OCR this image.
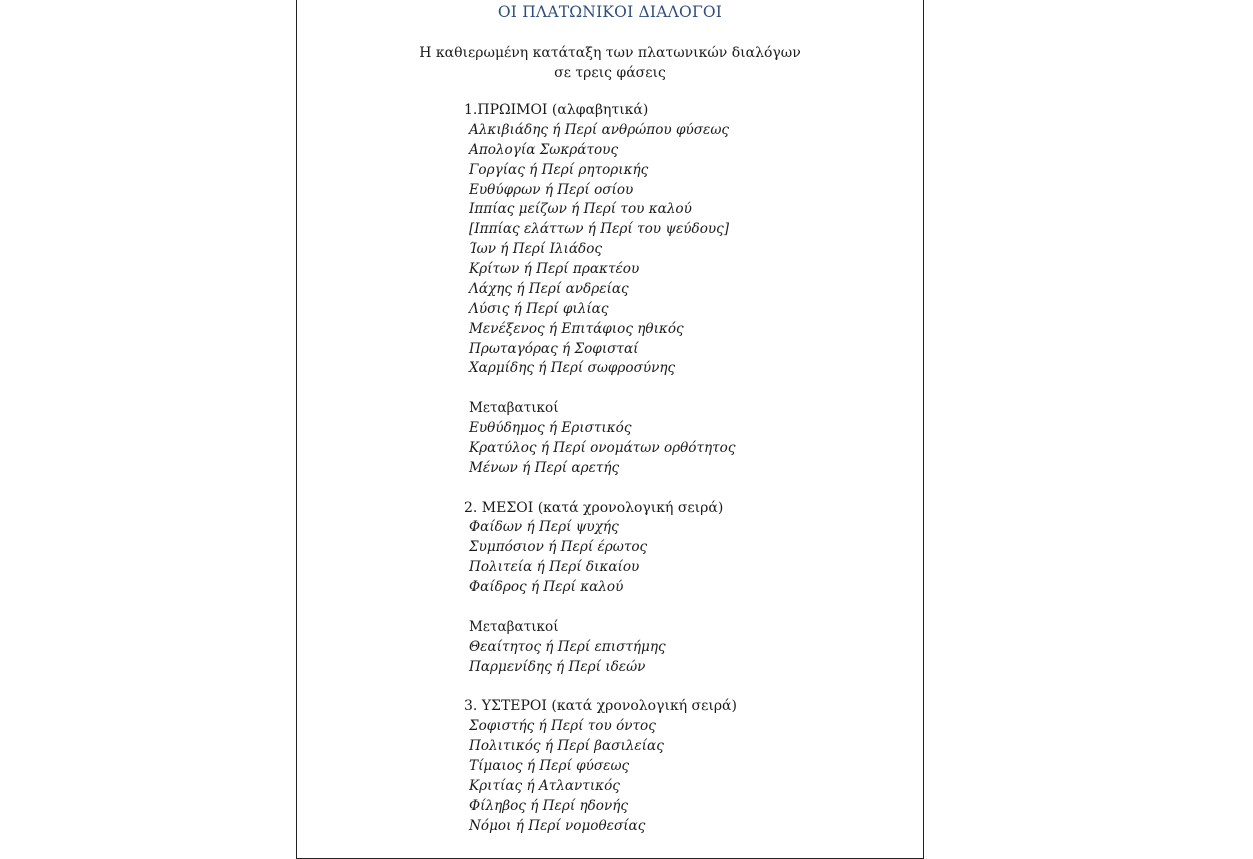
ΟΙ ΠΛΑΤΩΝΙΚΟΙ ΔΙΑΛΟΓΟΙ
Η καθιερωμένη κατάταξη των πλατωνικών διαλόγων
σε τρεις φάσεις
1.ΠΡΩΙΜΟΙ (αλφαβητικά)
Αλκιβιάδης ή Περί ανθρώπου φύσεως
Απολογία Σωκράτους
Γοργίας ή Περί ρητορικής
Ευθύφρων ή Περί οσίου
Ιππίας μείζων ή Περί του καλού
[Ιππίας ελάττων ή Περί του ψεύδους]
Ίων ή Περί Ιλιάδος
Κρίτων ή Περί πρακτέου
Λάχης ή Περί ανδρείας
Λύσις ή Περί φιλίας
Μενέξενος ή Επιτάφιος ηθικός
Πρωταγόρας ή Σοφισταί
Χαρμίδης ή Περί σωφροσύνης
Μεταβατικοί
Ευθύδημος ή Εριστικός
Κρατύλος ή Περί ονομάτων ορθότητος
Μένων ή Περί αρετής
2. ΜΕΣΟΙ (κατά χρονολογική σειρά)
Φαίδων ή Περί ψυχής
Συμπόσιον ή Περί έρωτος
Πολιτεία ή Περί δικαίου
Φαίδρος ή Περί καλού
Μεταβατικοί
Θεαίτητος ή Περί επιστήμης
Παρμενίδης ή Περί ιδεών
3. ΥΣΤΕΡΟΙ (κατά χρονολογική σειρά)
Σοφιστής ή Περί του όντος
Πολιτικός ή Περί βασιλείας
Τίμαιος ή Περί φύσεως
Κριτίας ή Ατλαντικός
Φίληβος ή Περί ηδονής
Νόμοι ή Περί νομοθεσίας
